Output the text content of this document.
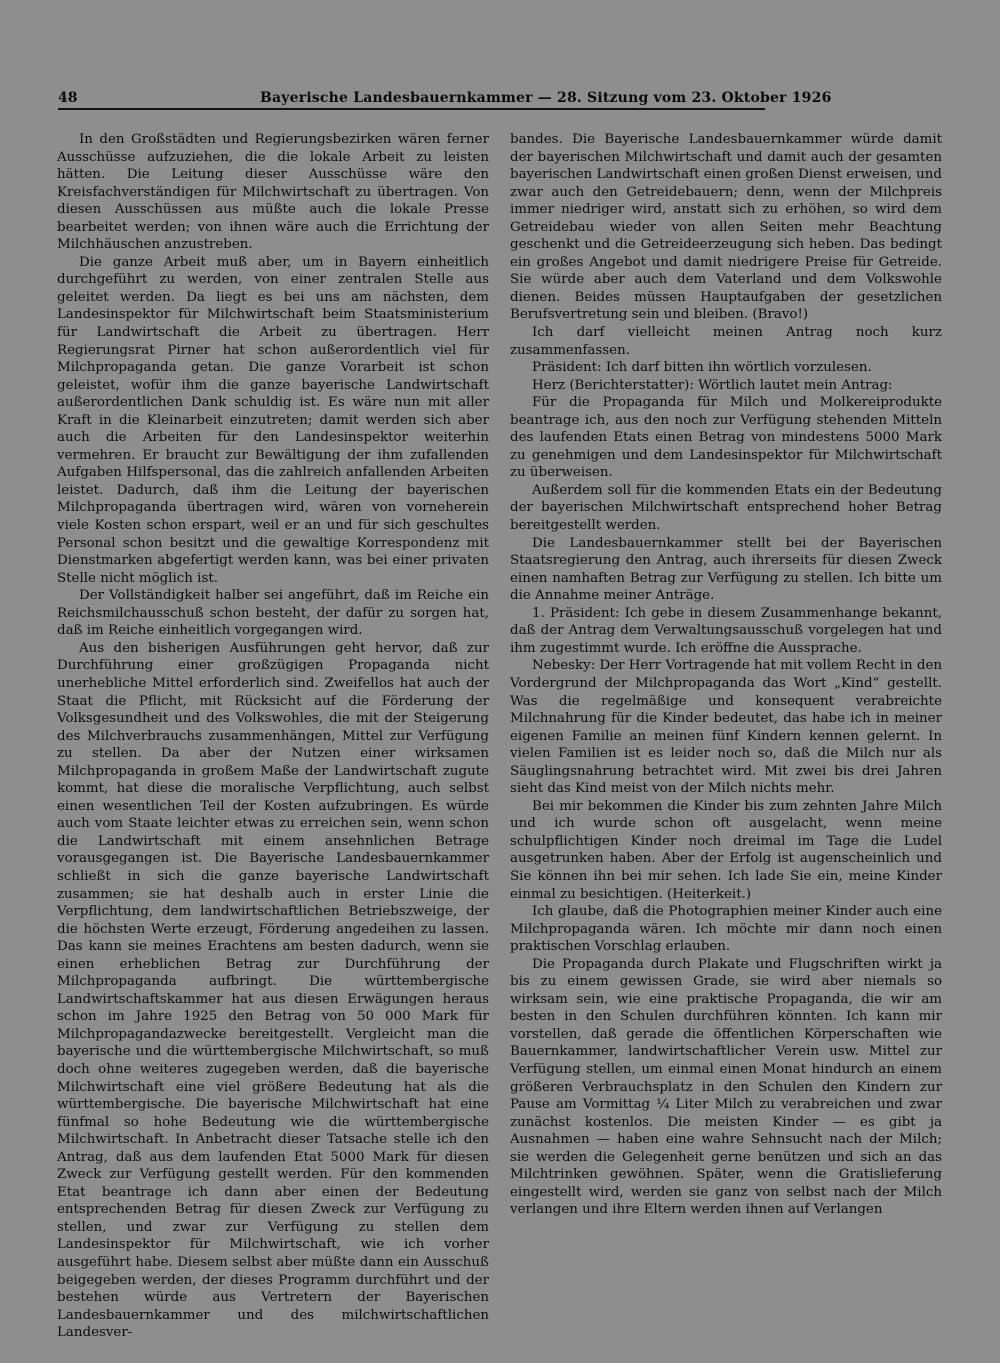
48	Bayerische Landesbauernkammer — 28. Sitzung vom 23. Oktober 1926

In den Großstädten und Regierungsbezirken wären ferner Ausschüsse aufzuziehen, die die lokale Arbeit zu leisten hätten. Die Leitung dieser Ausschüsse wäre den Kreisfachverständigen für Milchwirtschaft zu übertragen. Von diesen Ausschüssen aus müßte auch die lokale Presse bearbeitet werden; von ihnen wäre auch die Errichtung der Milchhäuschen anzustreben.

Die ganze Arbeit muß aber, um in Bayern einheitlich durchgeführt zu werden, von einer zentralen Stelle aus geleitet werden. Da liegt es bei uns am nächsten, dem Landesinspektor für Milchwirtschaft beim Staatsministerium für Landwirtschaft die Arbeit zu übertragen. Herr Regierungsrat Pirner hat schon außerordentlich viel für Milchpropaganda getan. Die ganze Vorarbeit ist schon geleistet, wofür ihm die ganze bayerische Landwirtschaft außerordentlichen Dank schuldig ist. Es wäre nun mit aller Kraft in die Kleinarbeit einzutreten; damit werden sich aber auch die Arbeiten für den Landesinspektor weiterhin vermehren. Er braucht zur Bewältigung der ihm zufallenden Aufgaben Hilfspersonal, das die zahlreich anfallenden Arbeiten leistet. Dadurch, daß ihm die Leitung der bayerischen Milchpropaganda übertragen wird, wären von vorneherein viele Kosten schon erspart, weil er an und für sich geschultes Personal schon besitzt und die gewaltige Korrespondenz mit Dienstmarken abgefertigt werden kann, was bei einer privaten Stelle nicht möglich ist.

Der Vollständigkeit halber sei angeführt, daß im Reiche ein Reichsmilchausschuß schon besteht, der dafür zu sorgen hat, daß im Reiche einheitlich vorgegangen wird.

Aus den bisherigen Ausführungen geht hervor, daß zur Durchführung einer großzügigen Propaganda nicht unerhebliche Mittel erforderlich sind. Zweifellos hat auch der Staat die Pflicht, mit Rücksicht auf die Förderung der Volksgesundheit und des Volkswohles, die mit der Steigerung des Milchverbrauchs zusammenhängen, Mittel zur Verfügung zu stellen. Da aber der Nutzen einer wirksamen Milchpropaganda in großem Maße der Landwirtschaft zugute kommt, hat diese die moralische Verpflichtung, auch selbst einen wesentlichen Teil der Kosten aufzubringen. Es würde auch vom Staate leichter etwas zu erreichen sein, wenn schon die Landwirtschaft mit einem ansehnlichen Betrage vorausgegangen ist. Die Bayerische Landesbauernkammer schließt in sich die ganze bayerische Landwirtschaft zusammen; sie hat deshalb auch in erster Linie die Verpflichtung, dem landwirtschaftlichen Betriebszweige, der die höchsten Werte erzeugt, Förderung angedeihen zu lassen. Das kann sie meines Erachtens am besten dadurch, wenn sie einen erheblichen Betrag zur Durchführung der Milchpropaganda aufbringt. Die württembergische Landwirtschaftskammer hat aus diesen Erwägungen heraus schon im Jahre 1925 den Betrag von 50 000 Mark für Milchpropagandazwecke bereitgestellt. Vergleicht man die bayerische und die württembergische Milchwirtschaft, so muß doch ohne weiteres zugegeben werden, daß die bayerische Milchwirtschaft eine viel größere Bedeutung hat als die württembergische. Die bayerische Milchwirtschaft hat eine fünfmal so hohe Bedeutung wie die württembergische Milchwirtschaft. In Anbetracht dieser Tatsache stelle ich den Antrag, daß aus dem laufenden Etat 5000 Mark für diesen Zweck zur Verfügung gestellt werden. Für den kommenden Etat beantrage ich dann aber einen der Bedeutung entsprechenden Betrag für diesen Zweck zur Verfügung zu stellen, und zwar zur Verfügung zu stellen dem Landesinspektor für Milchwirtschaft, wie ich vorher ausgeführt habe. Diesem selbst aber müßte dann ein Ausschuß beigegeben werden, der dieses Programm durchführt und der bestehen würde aus Vertretern der Bayerischen Landesbauernkammer und des milchwirtschaftlichen Landesver-

bandes. Die Bayerische Landesbauernkammer würde damit der bayerischen Milchwirtschaft und damit auch der gesamten bayerischen Landwirtschaft einen großen Dienst erweisen, und zwar auch den Getreidebauern; denn, wenn der Milchpreis immer niedriger wird, anstatt sich zu erhöhen, so wird dem Getreidebau wieder von allen Seiten mehr Beachtung geschenkt und die Getreideerzeugung sich heben. Das bedingt ein großes Angebot und damit niedrigere Preise für Getreide. Sie würde aber auch dem Vaterland und dem Volkswohle dienen. Beides müssen Hauptaufgaben der gesetzlichen Berufsvertretung sein und bleiben. (Bravo!)

Ich darf vielleicht meinen Antrag noch kurz zusammenfassen.

Präsident: Ich darf bitten ihn wörtlich vorzulesen.

Herz (Berichterstatter): Wörtlich lautet mein Antrag:

Für die Propaganda für Milch und Molkereiprodukte beantrage ich, aus den noch zur Verfügung stehenden Mitteln des laufenden Etats einen Betrag von mindestens 5000 Mark zu genehmigen und dem Landesinspektor für Milchwirtschaft zu überweisen.

Außerdem soll für die kommenden Etats ein der Bedeutung der bayerischen Milchwirtschaft entsprechend hoher Betrag bereitgestellt werden.

Die Landesbauernkammer stellt bei der Bayerischen Staatsregierung den Antrag, auch ihrerseits für diesen Zweck einen namhaften Betrag zur Verfügung zu stellen. Ich bitte um die Annahme meiner Anträge.

1. Präsident: Ich gebe in diesem Zusammenhange bekannt, daß der Antrag dem Verwaltungsausschuß vorgelegen hat und ihm zugestimmt wurde. Ich eröffne die Aussprache.

Nebesky: Der Herr Vortragende hat mit vollem Recht in den Vordergrund der Milchpropaganda das Wort „Kind“ gestellt. Was die regelmäßige und konsequent verabreichte Milchnahrung für die Kinder bedeutet, das habe ich in meiner eigenen Familie an meinen fünf Kindern kennen gelernt. In vielen Familien ist es leider noch so, daß die Milch nur als Säuglingsnahrung betrachtet wird. Mit zwei bis drei Jahren sieht das Kind meist von der Milch nichts mehr.

Bei mir bekommen die Kinder bis zum zehnten Jahre Milch und ich wurde schon oft ausgelacht, wenn meine schulpflichtigen Kinder noch dreimal im Tage die Ludel ausgetrunken haben. Aber der Erfolg ist augenscheinlich und Sie können ihn bei mir sehen. Ich lade Sie ein, meine Kinder einmal zu besichtigen. (Heiterkeit.)

Ich glaube, daß die Photographien meiner Kinder auch eine Milchpropaganda wären. Ich möchte mir dann noch einen praktischen Vorschlag erlauben.

Die Propaganda durch Plakate und Flugschriften wirkt ja bis zu einem gewissen Grade, sie wird aber niemals so wirksam sein, wie eine praktische Propaganda, die wir am besten in den Schulen durchführen könnten. Ich kann mir vorstellen, daß gerade die öffentlichen Körperschaften wie Bauernkammer, landwirtschaftlicher Verein usw. Mittel zur Verfügung stellen, um einmal einen Monat hindurch an einem größeren Verbrauchsplatz in den Schulen den Kindern zur Pause am Vormittag ¼ Liter Milch zu verabreichen und zwar zunächst kostenlos. Die meisten Kinder — es gibt ja Ausnahmen — haben eine wahre Sehnsucht nach der Milch; sie werden die Gelegenheit gerne benützen und sich an das Milchtrinken gewöhnen. Später, wenn die Gratislieferung eingestellt wird, werden sie ganz von selbst nach der Milch verlangen und ihre Eltern werden ihnen auf Verlangen
